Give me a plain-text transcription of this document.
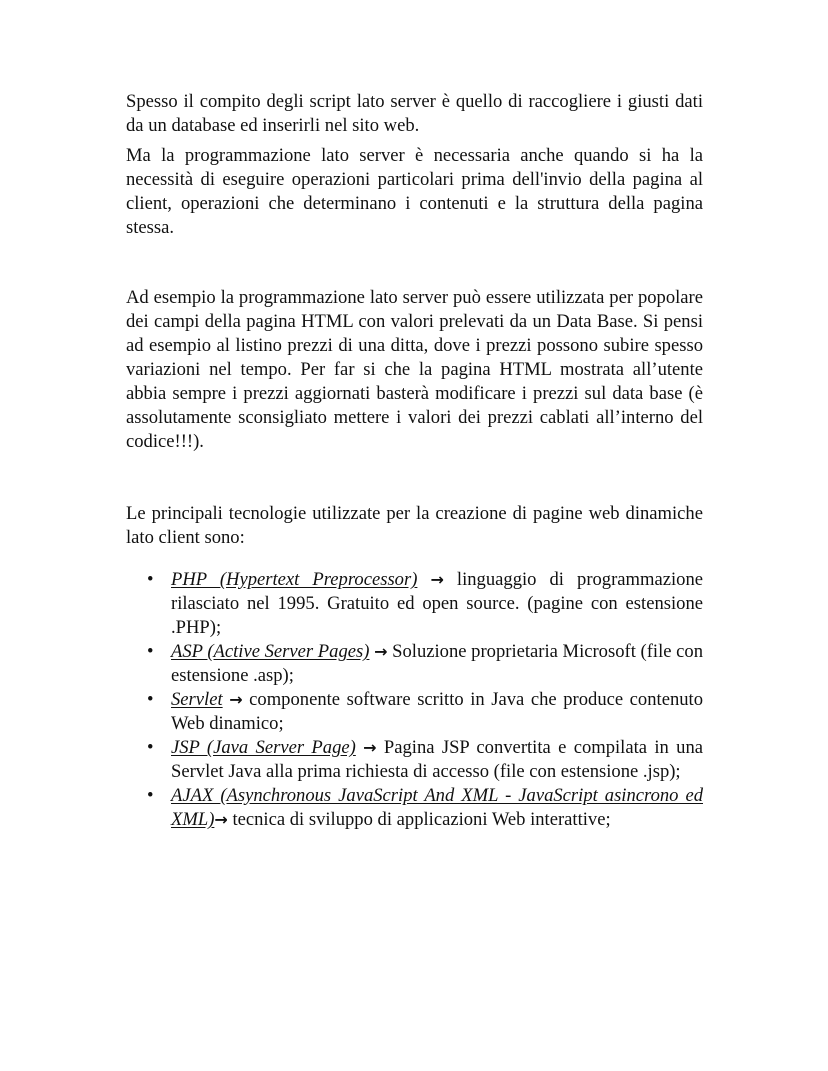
Spesso il compito degli script lato server è quello di raccogliere i giusti dati da un database ed inserirli nel sito web.

Ma la programmazione lato server è necessaria anche quando si ha la necessità di eseguire operazioni particolari prima dell'invio della pagina al client, operazioni che determinano i contenuti e la struttura della pagina stessa.

Ad esempio la programmazione lato server può essere utilizzata per popolare dei campi della pagina HTML con valori prelevati da un Data Base. Si pensi ad esempio al listino prezzi di una ditta, dove i prezzi possono subire spesso variazioni nel tempo. Per far si che la pagina HTML mostrata all’utente abbia sempre i prezzi aggiornati basterà modificare i prezzi sul data base (è assolutamente sconsigliato mettere i valori dei prezzi cablati all’interno del codice!!!).

Le principali tecnologie utilizzate per la creazione di pagine web dinamiche lato client sono:

• PHP (Hypertext Preprocessor) → linguaggio di programmazione rilasciato nel 1995. Gratuito ed open source. (pagine con estensione .PHP);
• ASP (Active Server Pages) → Soluzione proprietaria Microsoft (file con estensione .asp);
• Servlet → componente software scritto in Java che produce contenuto Web dinamico;
• JSP (Java Server Page) → Pagina JSP convertita e compilata in una Servlet Java alla prima richiesta di accesso (file con estensione .jsp);
• AJAX (Asynchronous JavaScript And XML - JavaScript asincrono ed XML)→ tecnica di sviluppo di applicazioni Web interattive;
